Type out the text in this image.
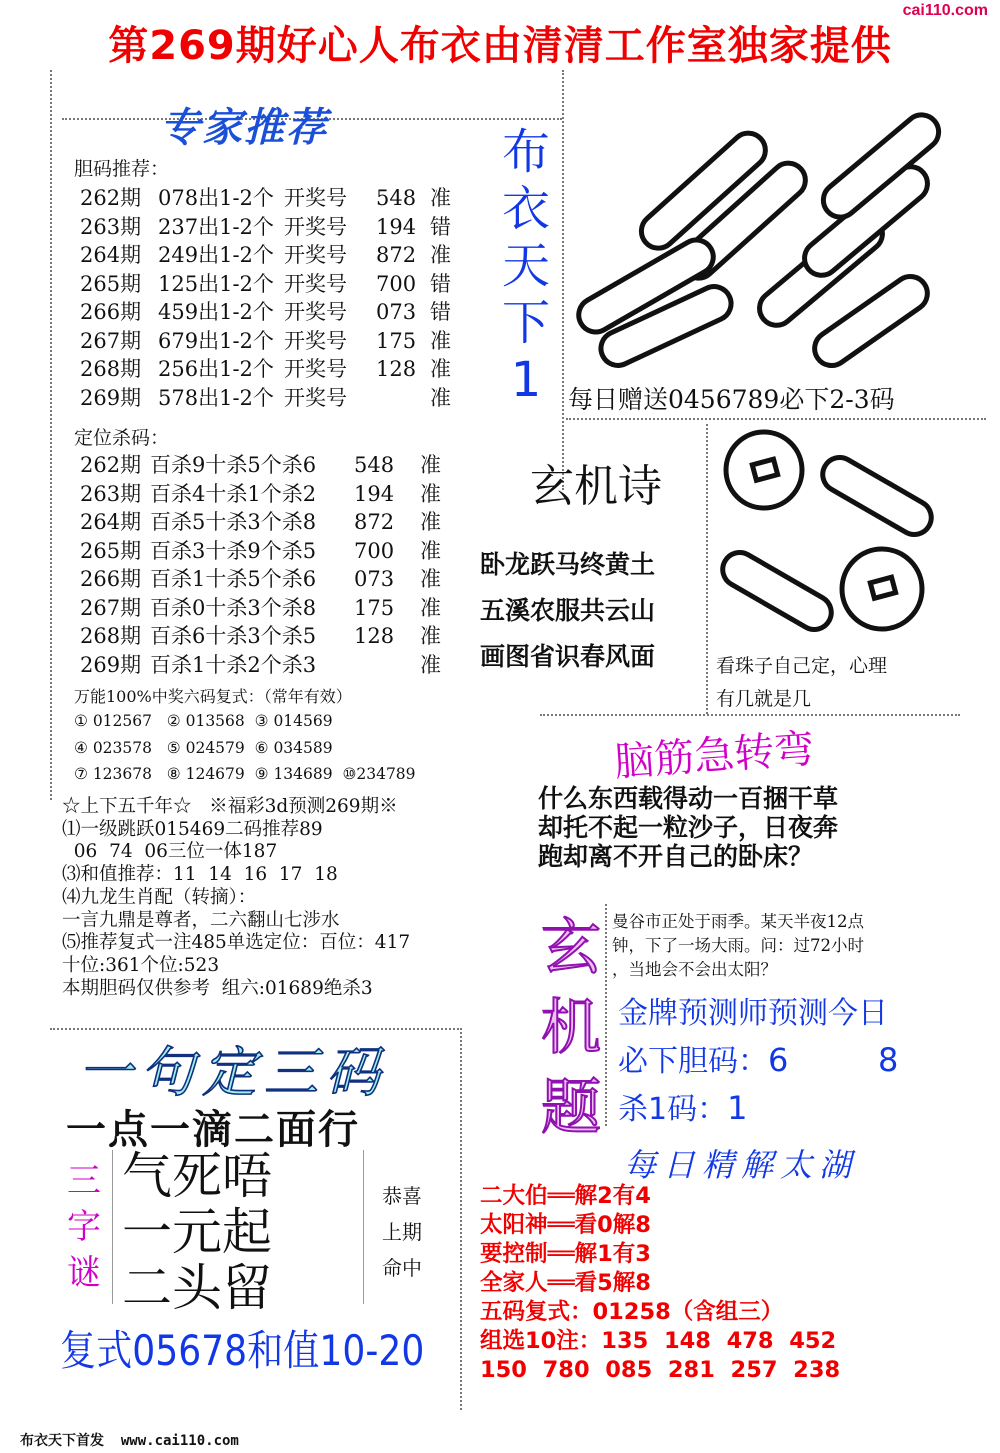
cai110.com
第269期好心人布衣由清清工作室独家提供
专家推荐
胆码推荐：
262期 078出1-2个 开奖号	548 准
263期 237出1-2个 开奖号	194 错
264期 249出1-2个 开奖号	872 准
265期 125出1-2个 开奖号	700 错
266期 459出1-2个 开奖号	073 错
267期 679出1-2个 开奖号	175 准
268期 256出1-2个 开奖号	128 准
269期 578出1-2个 开奖号	准
定位杀码：
262期 百杀9十杀5个杀6	548	准
263期 百杀4十杀1个杀2	194	准
264期 百杀5十杀3个杀8	872	准
265期 百杀3十杀9个杀5	700	准
266期 百杀1十杀5个杀6	073	准
267期 百杀0十杀3个杀8	175	准
268期 百杀6十杀3个杀5	128	准
269期 百杀1十杀2个杀3	准
万能100%中奖六码复式：（常年有效）
① 012567   ② 013568  ③ 014569
④ 023578   ⑤ 024579  ⑥ 034589
⑦ 123678   ⑧ 124679  ⑨ 134689  ⑩234789
☆上下五千年☆   ※福彩3d预测269期※
⑴一级跳跃015469二码推荐89
06  74  06三位一体187
⑶和值推荐：11  14  16  17  18
⑷九龙生肖配（转摘）：
一言九鼎是尊者，二六翻山七涉水
⑸推荐复式一注485单选定位：百位：417
十位:361个位:523
本期胆码仅供参考  组六:01689绝杀3
布
衣
天
下
1	每日赠送0456789必下2-3码
玄机诗
卧龙跃马终黄土
五溪农服共云山
画图省识春风面	看珠子自己定，心理
有几就是几
脑筋急转弯
什么东西载得动一百捆干草
却托不起一粒沙子，日夜奔
跑却离不开自己的卧床？
玄
机
题
曼谷市正处于雨季。某天半夜12点
钟，下了一场大雨。问：过72小时
，当地会不会出太阳？
金牌预测师预测今日
必下胆码：6	8
杀1码：1
一句定三码
一点一滴二面行
三
字
谜
气死唔
一元起
二头留
恭喜
上期
命中
复式05678和值10-20
每日精解太湖
二大伯══解2有4
太阳神══看0解8
要控制══解1有3
全家人══看5解8
五码复式：01258（含组三）
组选10注：135  148  478  452
150  780  085  281  257  238
布衣天下首发  www.cai110.com
